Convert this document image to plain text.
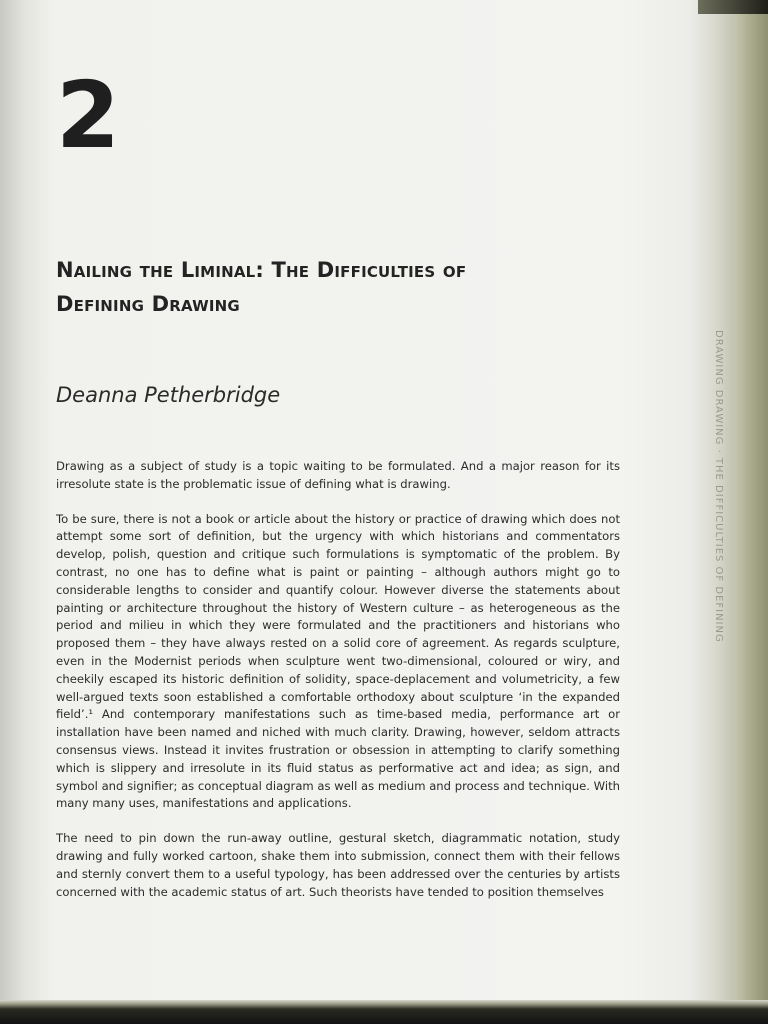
2
Nailing the Liminal: The Difficulties of
Defining Drawing
Deanna Petherbridge

Drawing as a subject of study is a topic waiting to be formulated. And a major reason for its irresolute state is the problematic issue of defining what is drawing.

To be sure, there is not a book or article about the history or practice of drawing which does not attempt some sort of definition, but the urgency with which historians and commentators develop, polish, question and critique such formulations is symptomatic of the problem. By contrast, no one has to define what is paint or painting – although authors might go to considerable lengths to consider and quantify colour. However diverse the statements about painting or architecture throughout the history of Western culture – as heterogeneous as the period and milieu in which they were formulated and the practitioners and historians who proposed them – they have always rested on a solid core of agreement. As regards sculpture, even in the Modernist periods when sculpture went two-dimensional, coloured or wiry, and cheekily escaped its historic definition of solidity, space-deplacement and volumetricity, a few well-argued texts soon established a comfortable orthodoxy about sculpture ‘in the expanded field’.¹ And contemporary manifestations such as time-based media, performance art or installation have been named and niched with much clarity. Drawing, however, seldom attracts consensus views. Instead it invites frustration or obsession in attempting to clarify something which is slippery and irresolute in its fluid status as performative act and idea; as sign, and symbol and signifier; as conceptual diagram as well as medium and process and technique. With many many uses, manifestations and applications.

The need to pin down the run-away outline, gestural sketch, diagrammatic notation, study drawing and fully worked cartoon, shake them into submission, connect them with their fellows and sternly convert them to a useful typology, has been addressed over the centuries by artists concerned with the academic status of art. Such theorists have tended to position themselves

DRAWING DRAWING · THE DIFFICULTIES OF DEFINING
